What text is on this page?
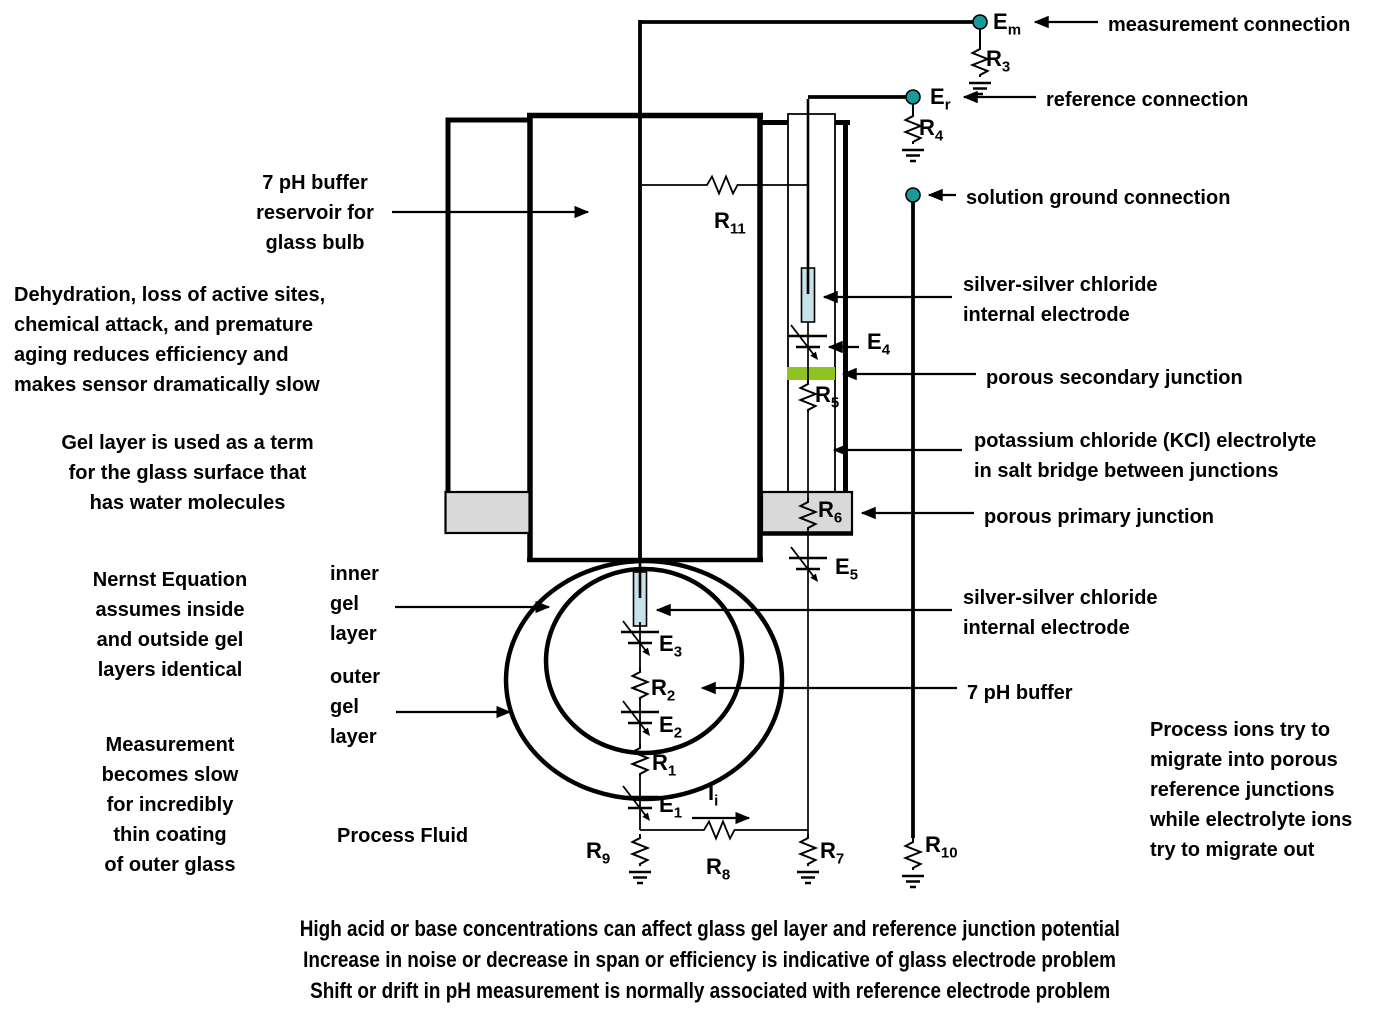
$E_m$
$R_3$
$E_r$
$R_4$
$R_{11}$
$E_4$
$R_5$
$R_6$
$E_5$
$E_3$
$R_2$
$E_2$
$R_1$
$E_1$
$I_i$
$R_9$	$R_8$
$R_7$
$R_{10}$
measurement connection
reference connection
solution ground connection
silver-silver chloride
internal electrode
porous secondary junction
potassium chloride (KCl) electrolyte
in salt bridge between junctions
porous primary junction
silver-silver chloride
internal electrode
7 pH buffer
Process ions try to
migrate into porous
reference junctions
while electrolyte ions
try to migrate out
7 pH buffer
reservoir for
glass bulb
Dehydration, loss of active sites,
chemical attack, and premature
aging reduces efficiency and
makes sensor dramatically slow
Gel layer is used as a term
for the glass surface that
has water molecules
Nernst Equation
assumes inside
and outside gel
layers identical
inner
gel
layer
outer
gel
layer
Measurement
becomes slow
for incredibly
thin coating
of outer glass
Process Fluid
High acid or base concentrations can affect glass gel layer and reference junction potential
Increase in noise or decrease in span or efficiency is indicative of glass electrode problem
Shift or drift in pH measurement is normally associated with reference electrode problem
